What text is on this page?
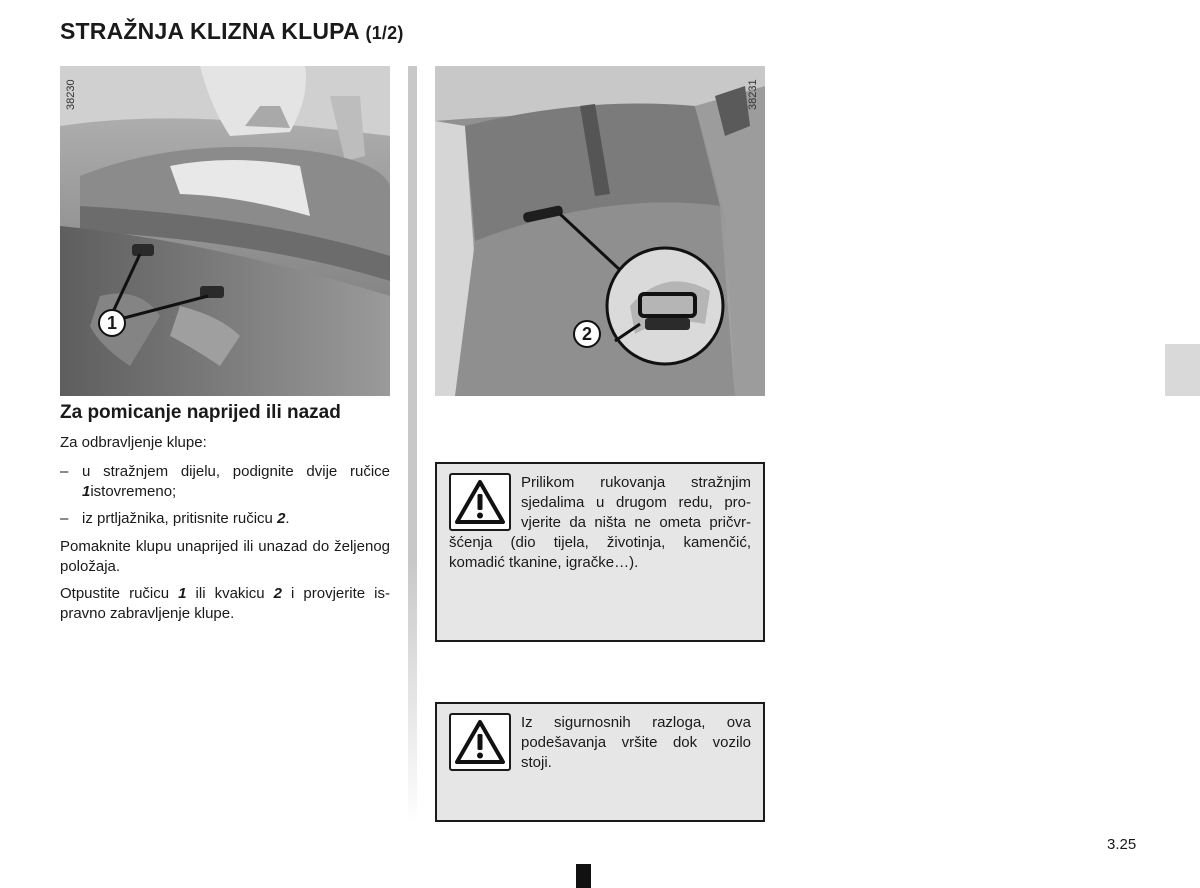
STRAŽNJA KLIZNA KLUPA (1/2)
38230
1
38231
2
Za pomicanje naprijed ili nazad

Za odbravljenje klupe:

– u stražnjem dijelu, podignite dvije ručice 1istovremeno;
– iz prtljažnika, pritisnite ručicu 2.

Pomaknite klupu unaprijed ili unazad do željenog položaja.

Otpustite ručicu 1 ili kvakicu 2 i provjerite ispravno zabravljenje klupe.

Prilikom rukovanja stražnjim sjedalima u drugom redu, provjerite da ništa ne ometa pričvršćenja (dio tijela, životinja, kamenčić, komadić tkanine, igračke…).
Iz sigurnosnih razloga, ova podešavanja vršite dok vozilo stoji.
3.25
